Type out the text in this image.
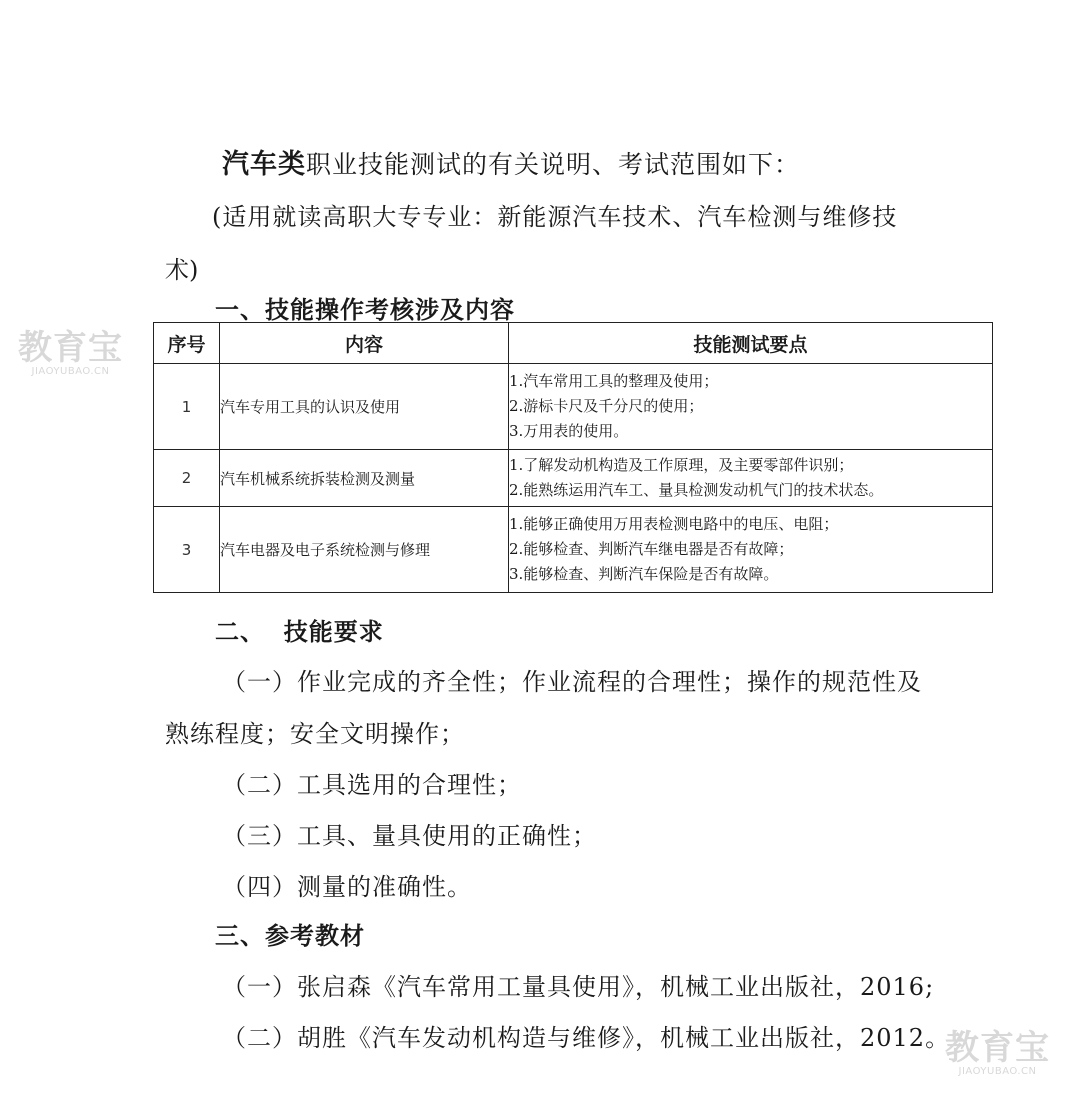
汽车类职业技能测试的有关说明、考试范围如下：
(适用就读高职大专专业：新能源汽车技术、汽车检测与维修技
术)
一、技能操作考核涉及内容
序号	内容	技能测试要点
1	汽车专用工具的认识及使用	1.汽车常用工具的整理及使用；
2.游标卡尺及千分尺的使用；
3.万用表的使用。

2	汽车机械系统拆装检测及测量	1.了解发动机构造及工作原理，及主要零部件识别；
2.能熟练运用汽车工、量具检测发动机气门的技术状态。

3	汽车电器及电子系统检测与修理	1.能够正确使用万用表检测电路中的电压、电阻；
2.能够检查、判断汽车继电器是否有故障；
3.能够检查、判断汽车保险是否有故障。
二、  技能要求
（一）作业完成的齐全性；作业流程的合理性；操作的规范性及
熟练程度；安全文明操作；
（二）工具选用的合理性；
（三）工具、量具使用的正确性；
（四）测量的准确性。
三、参考教材
（一）张启森《汽车常用工量具使用》，机械工业出版社，2016;
（二）胡胜《汽车发动机构造与维修》，机械工业出版社，2012。
教育宝
JIAOYUBAO.CN
教育宝
JIAOYUBAO.CN
